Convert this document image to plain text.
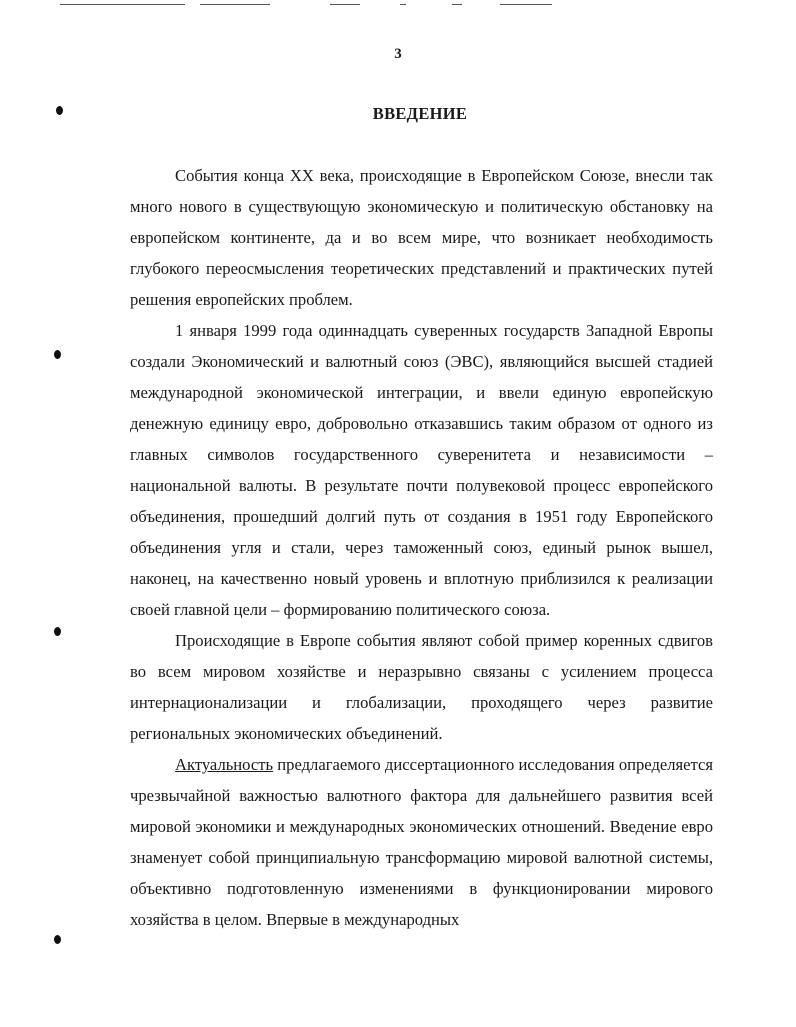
3
ВВЕДЕНИЕ

События конца XX века, происходящие в Европейском Союзе, внесли так много нового в существующую экономическую и политическую обстановку на европейском континенте, да и во всем мире, что возникает необходимость глубокого переосмысления теоретических представлений и практических путей решения европейских проблем.

1 января 1999 года одиннадцать суверенных государств Западной Европы создали Экономический и валютный союз (ЭВС), являющийся высшей стадией международной экономической интеграции, и ввели единую европейскую денежную единицу евро, добровольно отказавшись таким образом от одного из главных символов государственного суверенитета и независимости – национальной валюты. В результате почти полувековой процесс европейского объединения, прошедший долгий путь от создания в 1951 году Европейского объединения угля и стали, через таможенный союз, единый рынок вышел, наконец, на качественно новый уровень и вплотную приблизился к реализации своей главной цели – формированию политического союза.

Происходящие в Европе события являют собой пример коренных сдвигов во всем мировом хозяйстве и неразрывно связаны с усилением процесса интернационализации и глобализации, проходящего через развитие региональных экономических объединений.

Актуальность предлагаемого диссертационного исследования определяется чрезвычайной важностью валютного фактора для дальнейшего развития всей мировой экономики и международных экономических отношений. Введение евро знаменует собой принципиальную трансформацию мировой валютной системы, объективно подготовленную изменениями в функционировании мирового хозяйства в целом. Впервые в международных
